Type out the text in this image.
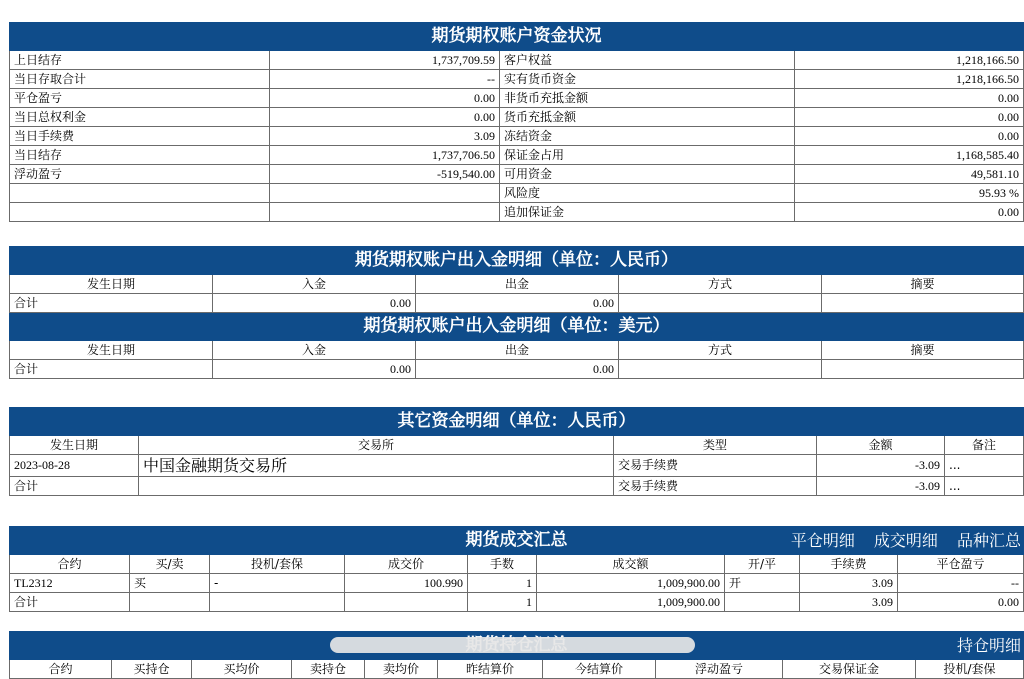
期货期权账户资金状况			
上日结存	1,737,709.59	客户权益	1,218,166.50
当日存取合计	--	实有货币资金	1,218,166.50
平仓盈亏	0.00	非货币充抵金额	0.00
当日总权利金	0.00	货币充抵金额	0.00
当日手续费	3.09	冻结资金	0.00
当日结存	1,737,706.50	保证金占用	1,168,585.40
浮动盈亏	-519,540.00	可用资金	49,581.10
		风险度	95.93 %
		追加保证金	0.00
期货期权账户出入金明细（单位：人民币）				
发生日期	入金	出金	方式	摘要
合计	0.00	0.00		
期货期权账户出入金明细（单位：美元）				
发生日期	入金	出金	方式	摘要
合计	0.00	0.00		
其它资金明细（单位：人民币）				
发生日期	交易所	类型	金额	备注
2023-08-28	中国金融期货交易所	交易手续费	-3.09	...
合计		交易手续费	-3.09	...
期货成交汇总 平仓明细 成交明细 品种汇总								

合约	买/卖	投机/套保	成交价	手数	成交额	开/平	手续费	平仓盈亏
TL2312	买	-	100.990	1	1,009,900.00	开	3.09	--
合计				1	1,009,900.00		3.09	0.00
持仓明细

合约	买持仓	买均价	卖持仓	卖均价	昨结算价	今结算价	浮动盈亏	交易保证金	投机/套保
